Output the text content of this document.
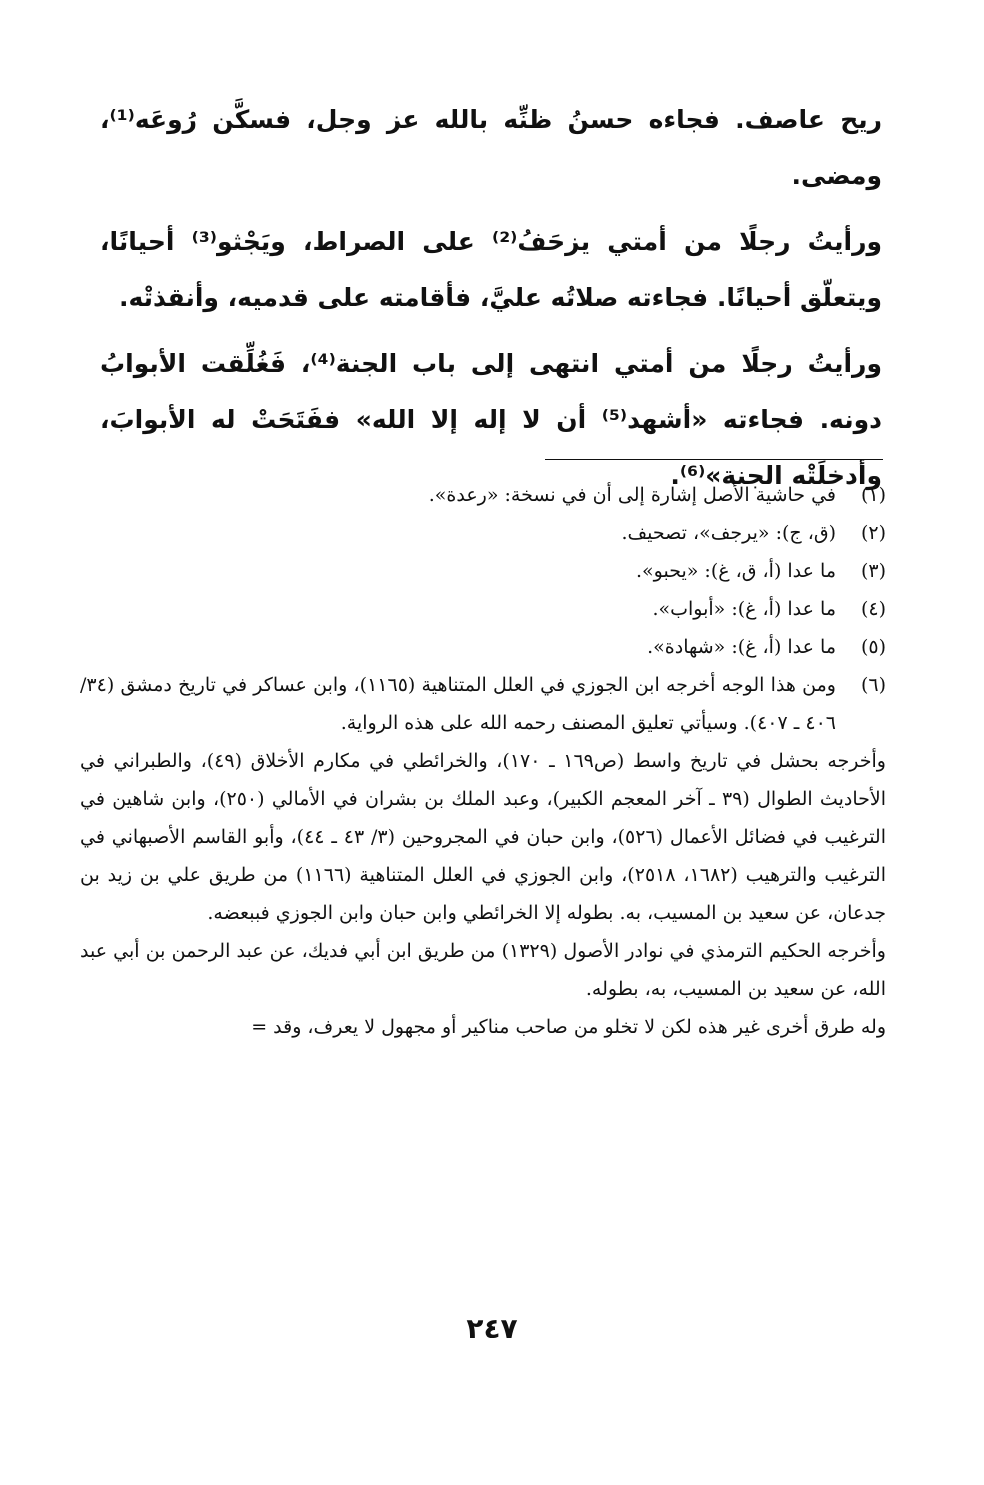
ريح عاصف. فجاءه حسنُ ظنِّه بالله عز وجل، فسكَّن رُوعَه⁽¹⁾، ومضى.

ورأيتُ رجلًا من أمتي يزحَفُ⁽²⁾ على الصراط، ويَجْثو⁽³⁾ أحيانًا، ويتعلّق أحيانًا. فجاءته صلاتُه عليَّ، فأقامته على قدميه، وأنقذتْه.

ورأيتُ رجلًا من أمتي انتهى إلى باب الجنة⁽⁴⁾، فَغُلِّقت الأبوابُ دونه. فجاءته «أشهد⁽⁵⁾ أن لا إله إلا الله» ففَتَحَتْ له الأبوابَ، وأدخلَتْه الجنة»⁽⁶⁾.

(١)
في حاشية الأصل إشارة إلى أن في نسخة: «رعدة».
(٢)
(ق، ج): «يرجف»، تصحيف.
(٣)
ما عدا (أ، ق، غ): «يحبو».
(٤)
ما عدا (أ، غ): «أبواب».
(٥)
ما عدا (أ، غ): «شهادة».
(٦)
ومن هذا الوجه أخرجه ابن الجوزي في العلل المتناهية (١١٦٥)، وابن عساكر في تاريخ دمشق (٣٤/ ٤٠٦ ـ ٤٠٧). وسيأتي تعليق المصنف رحمه الله على هذه الرواية.

وأخرجه بحشل في تاريخ واسط (ص١٦٩ ـ ١٧٠)، والخرائطي في مكارم الأخلاق (٤٩)، والطبراني في الأحاديث الطوال (٣٩ ـ آخر المعجم الكبير)، وعبد الملك بن بشران في الأمالي (٢٥٠)، وابن شاهين في الترغيب في فضائل الأعمال (٥٢٦)، وابن حبان في المجروحين (٣/ ٤٣ ـ ٤٤)، وأبو القاسم الأصبهاني في الترغيب والترهيب (١٦٨٢، ٢٥١٨)، وابن الجوزي في العلل المتناهية (١١٦٦) من طريق علي بن زيد بن جدعان، عن سعيد بن المسيب، به. بطوله إلا الخرائطي وابن حبان وابن الجوزي فببعضه.

وأخرجه الحكيم الترمذي في نوادر الأصول (١٣٢٩) من طريق ابن أبي فديك، عن عبد الرحمن بن أبي عبد الله، عن سعيد بن المسيب، به، بطوله.

وله طرق أخرى غير هذه لكن لا تخلو من صاحب مناكير أو مجهول لا يعرف، وقد =

٢٤٧
